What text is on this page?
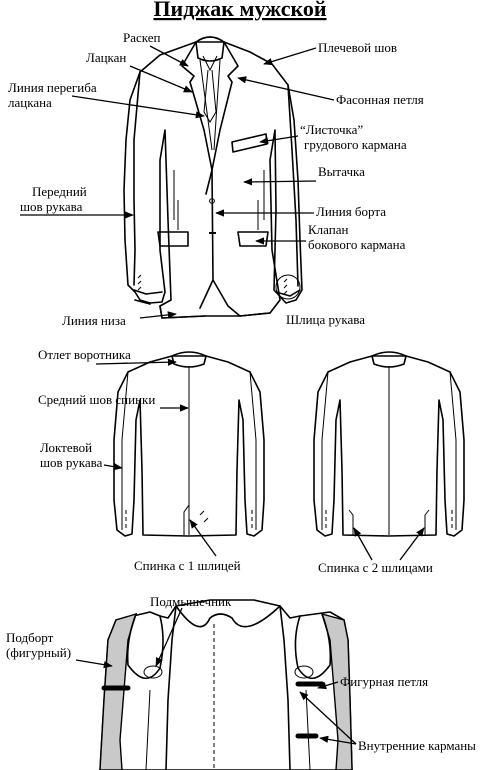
Пиджак мужской
Раскеп
Лацкан
Линия перегиба
лацкана
Плечевой шов
Фасонная петля
“Листочка”
грудового кармана
Вытачка
Передний
шов рукава	Линия борта
Клапан
бокового кармана
Линия низа	Шлица рукава
Отлет воротника
Средний шов спинки
Локтевой
шов рукава
Спинка с 1 шлицей	Спинка с 2 шлицами
Подмышечник
Подборт
(фигурный)
Фигурная петля
Внутренние карманы
